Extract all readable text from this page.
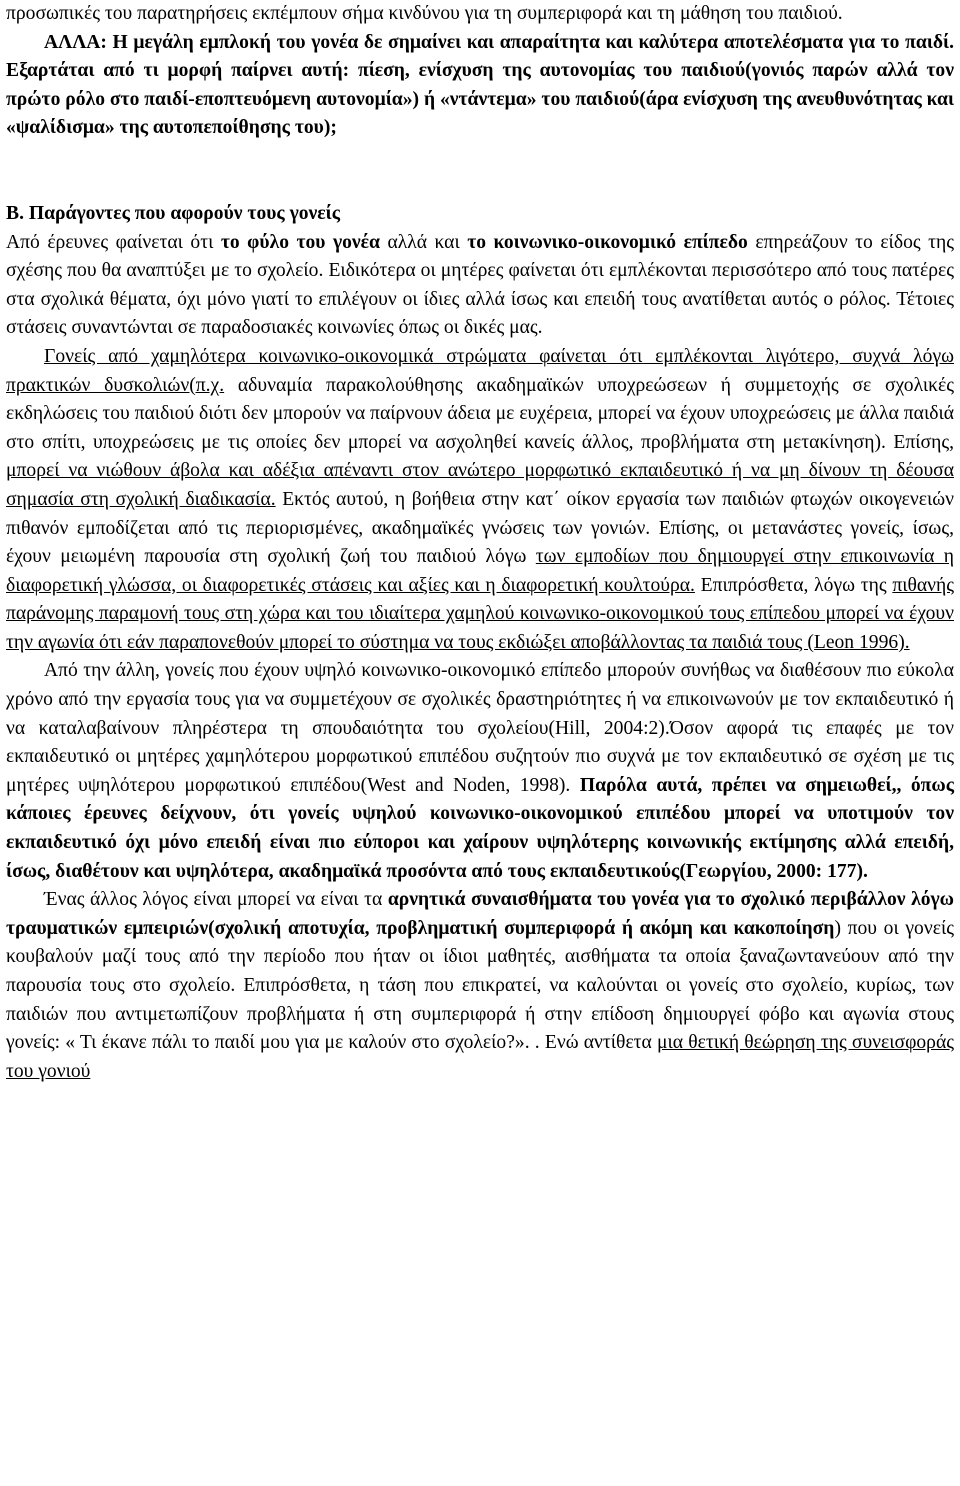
προσωπικές του παρατηρήσεις εκπέμπουν σήμα κινδύνου για τη συμπεριφορά και τη μάθηση του παιδιού.

ΑΛΛΑ: Η μεγάλη εμπλοκή του γονέα δε σημαίνει και απαραίτητα και καλύτερα αποτελέσματα για το παιδί. Εξαρτάται από τι μορφή παίρνει αυτή: πίεση, ενίσχυση της αυτονομίας του παιδιού(γονιός παρών αλλά τον πρώτο ρόλο στο παιδί-εποπτευόμενη αυτονομία») ή «ντάντεμα» του παιδιού(άρα ενίσχυση της ανευθυνότητας και «ψαλίδισμα» της αυτοπεποίθησης του);

Β. Παράγοντες που αφορούν τους γονείς

Από έρευνες φαίνεται ότι το φύλο του γονέα αλλά και το κοινωνικο-οικονομικό επίπεδο επηρεάζουν το είδος της σχέσης που θα αναπτύξει με το σχολείο. Ειδικότερα οι μητέρες φαίνεται ότι εμπλέκονται περισσότερο από τους πατέρες στα σχολικά θέματα, όχι μόνο γιατί το επιλέγουν οι ίδιες αλλά ίσως και επειδή τους ανατίθεται αυτός ο ρόλος. Τέτοιες στάσεις συναντώνται σε παραδοσιακές κοινωνίες όπως οι δικές μας.

Γονείς από χαμηλότερα κοινωνικο-οικονομικά στρώματα φαίνεται ότι εμπλέκονται λιγότερο, συχνά λόγω πρακτικών δυσκολιών(π.χ. αδυναμία παρακολούθησης ακαδημαϊκών υποχρεώσεων ή συμμετοχής σε σχολικές εκδηλώσεις του παιδιού διότι δεν μπορούν να παίρνουν άδεια με ευχέρεια, μπορεί να έχουν υποχρεώσεις με άλλα παιδιά στο σπίτι, υποχρεώσεις με τις οποίες δεν μπορεί να ασχοληθεί κανείς άλλος, προβλήματα στη μετακίνηση). Επίσης, μπορεί να νιώθουν άβολα και αδέξια απέναντι στον ανώτερο μορφωτικό εκπαιδευτικό ή να μη δίνουν τη δέουσα σημασία στη σχολική διαδικασία. Εκτός αυτού, η βοήθεια στην κατ΄ οίκον εργασία των παιδιών φτωχών οικογενειών πιθανόν εμποδίζεται από τις περιορισμένες, ακαδημαϊκές γνώσεις των γονιών. Επίσης, οι μετανάστες γονείς, ίσως, έχουν μειωμένη παρουσία στη σχολική ζωή του παιδιού λόγω των εμποδίων που δημιουργεί στην επικοινωνία η διαφορετική γλώσσα, οι διαφορετικές στάσεις και αξίες και η διαφορετική κουλτούρα. Επιπρόσθετα, λόγω της πιθανής παράνομης παραμονή τους στη χώρα και του ιδιαίτερα χαμηλού κοινωνικο-οικονομικού τους επίπεδου μπορεί να έχουν την αγωνία ότι εάν παραπονεθούν μπορεί το σύστημα να τους εκδιώξει αποβάλλοντας τα παιδιά τους (Leon 1996).

Από την άλλη, γονείς που έχουν υψηλό κοινωνικο-οικονομικό επίπεδο μπορούν συνήθως να διαθέσουν πιο εύκολα χρόνο από την εργασία τους για να συμμετέχουν σε σχολικές δραστηριότητες ή να επικοινωνούν με τον εκπαιδευτικό ή να καταλαβαίνουν πληρέστερα τη σπουδαιότητα του σχολείου(Hill, 2004:2).Όσον αφορά τις επαφές με τον εκπαιδευτικό οι μητέρες χαμηλότερου μορφωτικού επιπέδου συζητούν πιο συχνά με τον εκπαιδευτικό σε σχέση με τις μητέρες υψηλότερου μορφωτικού επιπέδου(West and Noden, 1998). Παρόλα αυτά, πρέπει να σημειωθεί,, όπως κάποιες έρευνες δείχνουν, ότι γονείς υψηλού κοινωνικο-οικονομικού επιπέδου μπορεί να υποτιμούν τον εκπαιδευτικό όχι μόνο επειδή είναι πιο εύποροι και χαίρουν υψηλότερης κοινωνικής εκτίμησης αλλά επειδή, ίσως, διαθέτουν και υψηλότερα, ακαδημαϊκά προσόντα από τους εκπαιδευτικούς(Γεωργίου, 2000: 177).

Ένας άλλος λόγος είναι μπορεί να είναι τα αρνητικά συναισθήματα του γονέα για το σχολικό περιβάλλον λόγω τραυματικών εμπειριών(σχολική αποτυχία, προβληματική συμπεριφορά ή ακόμη και κακοποίηση) που οι γονείς κουβαλούν μαζί τους από την περίοδο που ήταν οι ίδιοι μαθητές, αισθήματα τα οποία ξαναζωντανεύουν από την παρουσία τους στο σχολείο. Επιπρόσθετα, η τάση που επικρατεί, να καλούνται οι γονείς στο σχολείο, κυρίως, των παιδιών που αντιμετωπίζουν προβλήματα ή στη συμπεριφορά ή στην επίδοση δημιουργεί φόβο και αγωνία στους γονείς: « Τι έκανε πάλι το παιδί μου για με καλούν στο σχολείο?». . Ενώ αντίθετα μια θετική θεώρηση της συνεισφοράς του γονιού
